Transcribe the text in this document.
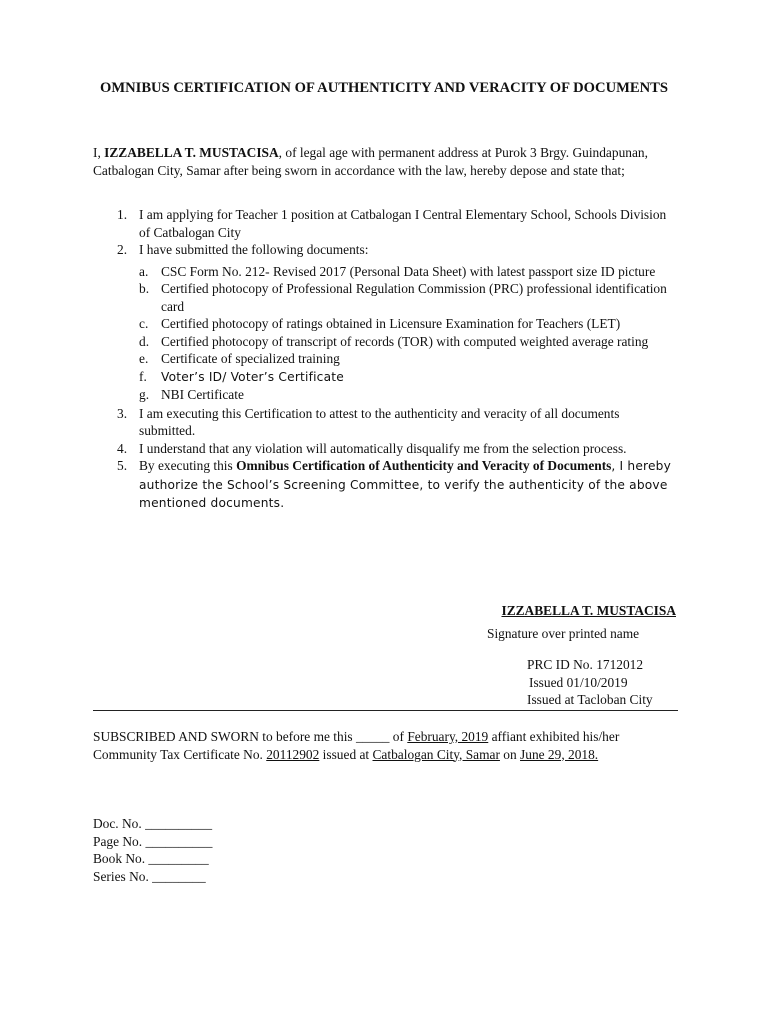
OMNIBUS CERTIFICATION OF AUTHENTICITY AND VERACITY OF DOCUMENTS
I, IZZABELLA T. MUSTACISA, of legal age with permanent address at Purok 3 Brgy. Guindapunan, Catbalogan City, Samar after being sworn in accordance with the law, hereby depose and state that;
1. I am applying for Teacher 1 position at Catbalogan I Central Elementary School, Schools Division of Catbalogan City
2. I have submitted the following documents:
a. CSC Form No. 212- Revised 2017 (Personal Data Sheet) with latest passport size ID picture
b. Certified photocopy of Professional Regulation Commission (PRC) professional identification card
c. Certified photocopy of ratings obtained in Licensure Examination for Teachers (LET)
d. Certified photocopy of transcript of records (TOR) with computed weighted average rating
e. Certificate of specialized training
f. Voter’s ID/ Voter’s Certificate
g. NBI Certificate
3. I am executing this Certification to attest to the authenticity and veracity of all documents submitted.
4. I understand that any violation will automatically disqualify me from the selection process.
5. By executing this Omnibus Certification of Authenticity and Veracity of Documents, I hereby authorize the School’s Screening Committee, to verify the authenticity of the above mentioned documents.
IZZABELLA T. MUSTACISA
Signature over printed name
PRC ID No. 1712012
Issued 01/10/2019
Issued at Tacloban City
SUBSCRIBED AND SWORN to before me this _____ of February, 2019 affiant exhibited his/her Community Tax Certificate No. 20112902 issued at Catbalogan City, Samar on June 29, 2018.
Doc. No. __________
Page No. __________
Book No. _________
Series No. ________
